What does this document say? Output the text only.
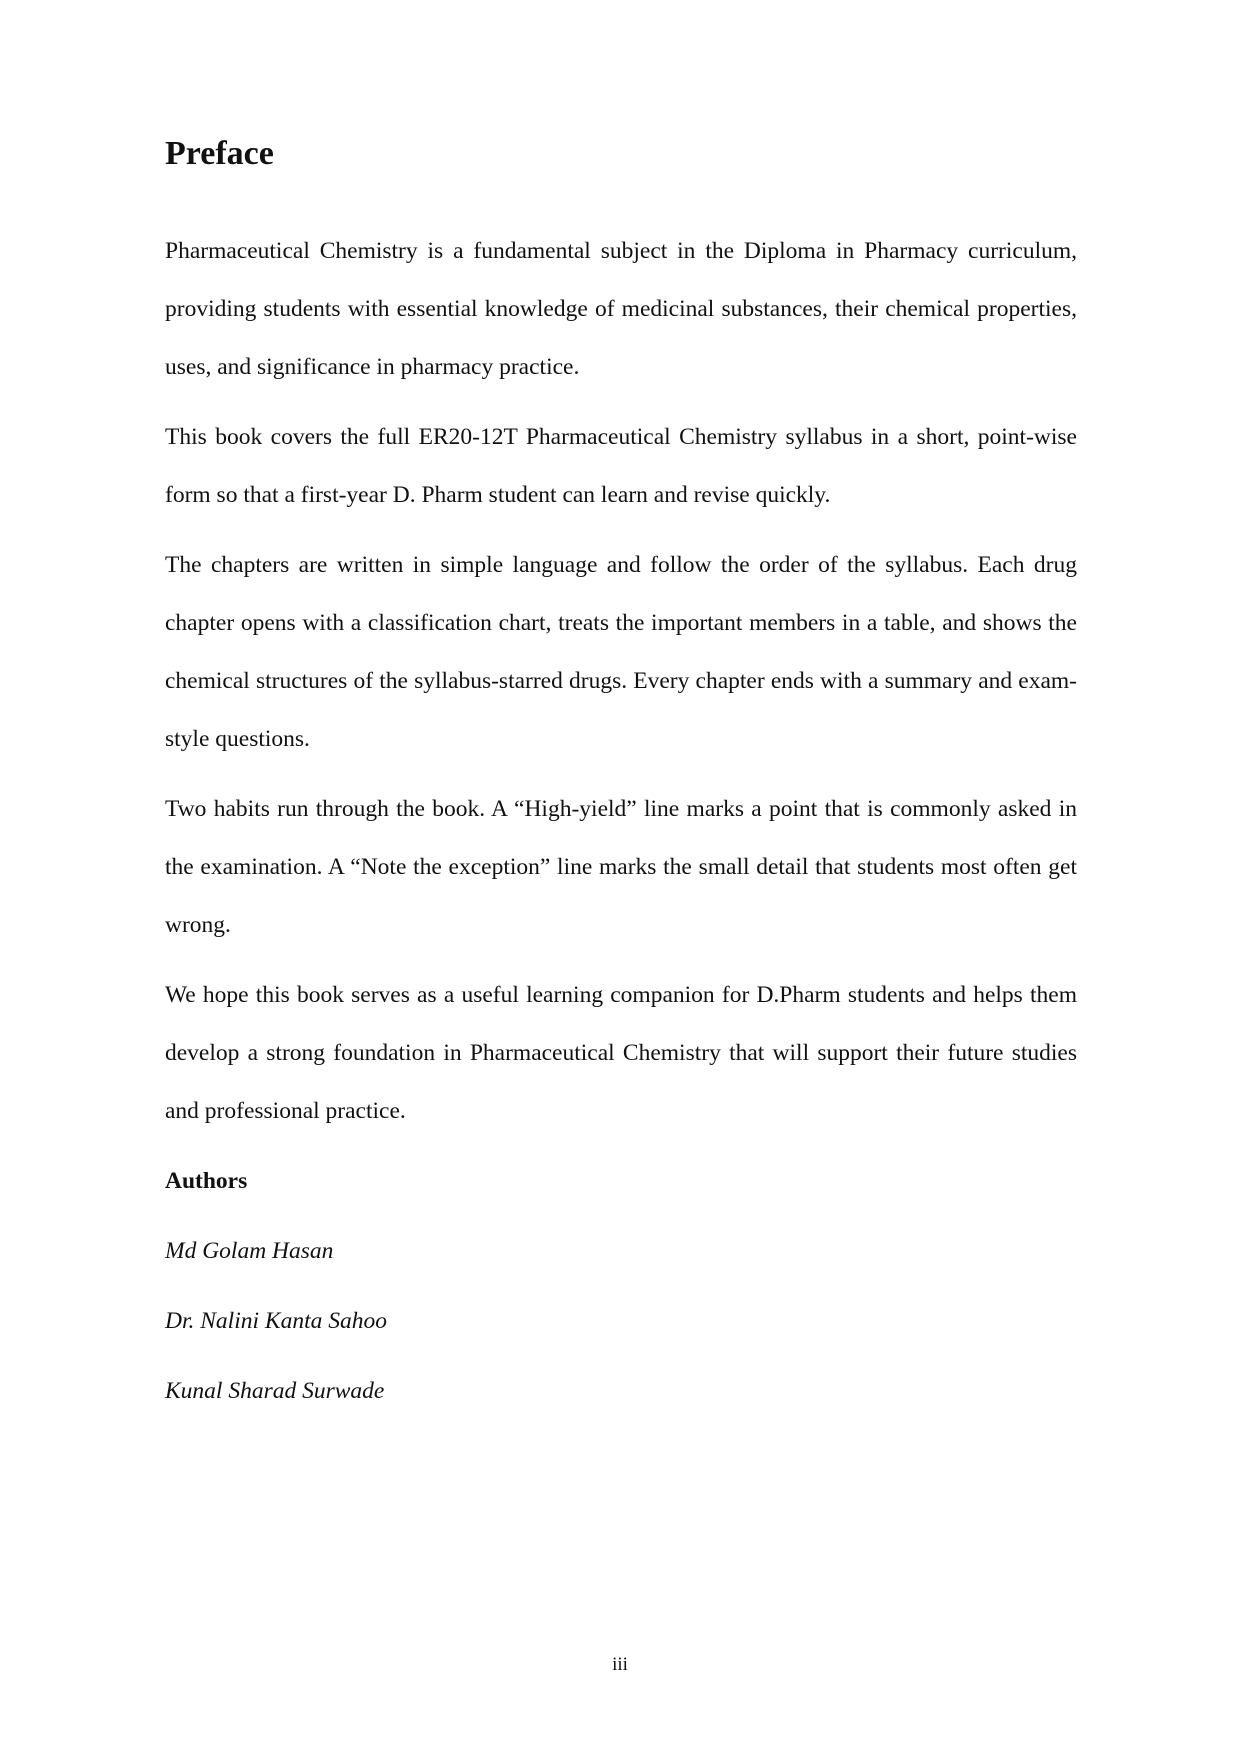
Preface

Pharmaceutical Chemistry is a fundamental subject in the Diploma in Pharmacy curriculum, providing students with essential knowledge of medicinal substances, their chemical properties, uses, and significance in pharmacy practice.

This book covers the full ER20-12T Pharmaceutical Chemistry syllabus in a short, point-wise form so that a first-year D. Pharm student can learn and revise quickly.

The chapters are written in simple language and follow the order of the syllabus. Each drug chapter opens with a classification chart, treats the important members in a table, and shows the chemical structures of the syllabus-starred drugs. Every chapter ends with a summary and exam-style questions.

Two habits run through the book. A “High-yield” line marks a point that is commonly asked in the examination. A “Note the exception” line marks the small detail that students most often get wrong.

We hope this book serves as a useful learning companion for D.Pharm students and helps them develop a strong foundation in Pharmaceutical Chemistry that will support their future studies and professional practice.

Authors

Md Golam Hasan

Dr. Nalini Kanta Sahoo

Kunal Sharad Surwade

iii
